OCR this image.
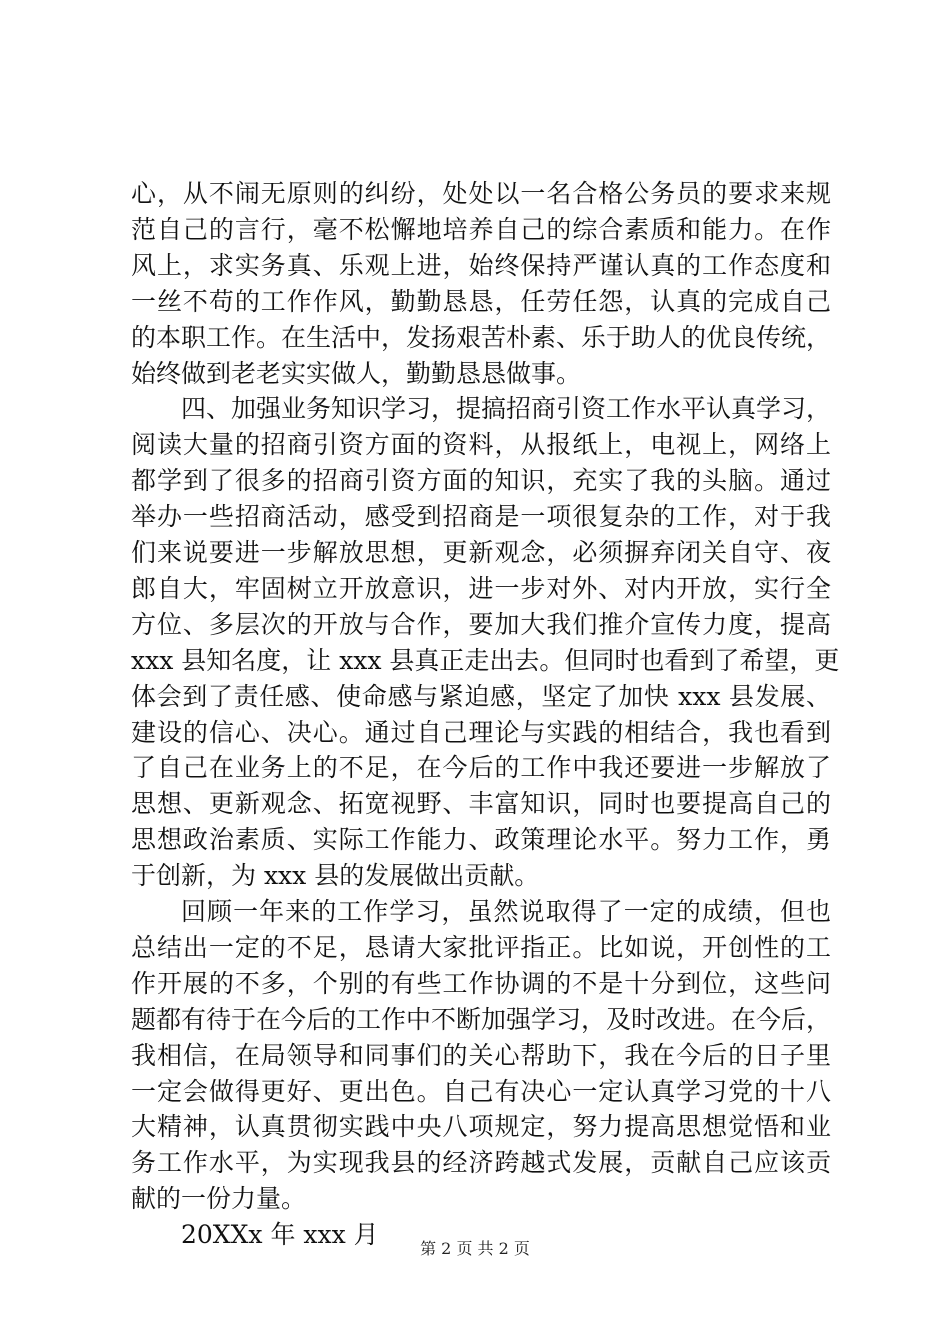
心，从不闹无原则的纠纷，处处以一名合格公务员的要求来规
范自己的言行，毫不松懈地培养自己的综合素质和能力。在作
风上，求实务真、乐观上进，始终保持严谨认真的工作态度和
一丝不苟的工作作风，勤勤恳恳，任劳任怨，认真的完成自己
的本职工作。在生活中，发扬艰苦朴素、乐于助人的优良传统，
始终做到老老实实做人，勤勤恳恳做事。
四、加强业务知识学习，提搞招商引资工作水平认真学习，
阅读大量的招商引资方面的资料，从报纸上，电视上，网络上
都学到了很多的招商引资方面的知识，充实了我的头脑。通过
举办一些招商活动，感受到招商是一项很复杂的工作，对于我
们来说要进一步解放思想，更新观念，必须摒弃闭关自守、夜
郎自大，牢固树立开放意识，进一步对外、对内开放，实行全
方位、多层次的开放与合作，要加大我们推介宣传力度，提高
xxx 县知名度，让 xxx 县真正走出去。但同时也看到了希望，更
体会到了责任感、使命感与紧迫感，坚定了加快 xxx 县发展、
建设的信心、决心。通过自己理论与实践的相结合，我也看到
了自己在业务上的不足，在今后的工作中我还要进一步解放了
思想、更新观念、拓宽视野、丰富知识，同时也要提高自己的
思想政治素质、实际工作能力、政策理论水平。努力工作，勇
于创新，为 xxx 县的发展做出贡献。
回顾一年来的工作学习，虽然说取得了一定的成绩，但也
总结出一定的不足，恳请大家批评指正。比如说，开创性的工
作开展的不多，个别的有些工作协调的不是十分到位，这些问
题都有待于在今后的工作中不断加强学习，及时改进。在今后，
我相信，在局领导和同事们的关心帮助下，我在今后的日子里
一定会做得更好、更出色。自己有决心一定认真学习党的十八
大精神，认真贯彻实践中央八项规定，努力提高思想觉悟和业
务工作水平，为实现我县的经济跨越式发展，贡献自己应该贡
献的一份力量。
20XXx 年 xxx 月	第 2 页 共 2 页
